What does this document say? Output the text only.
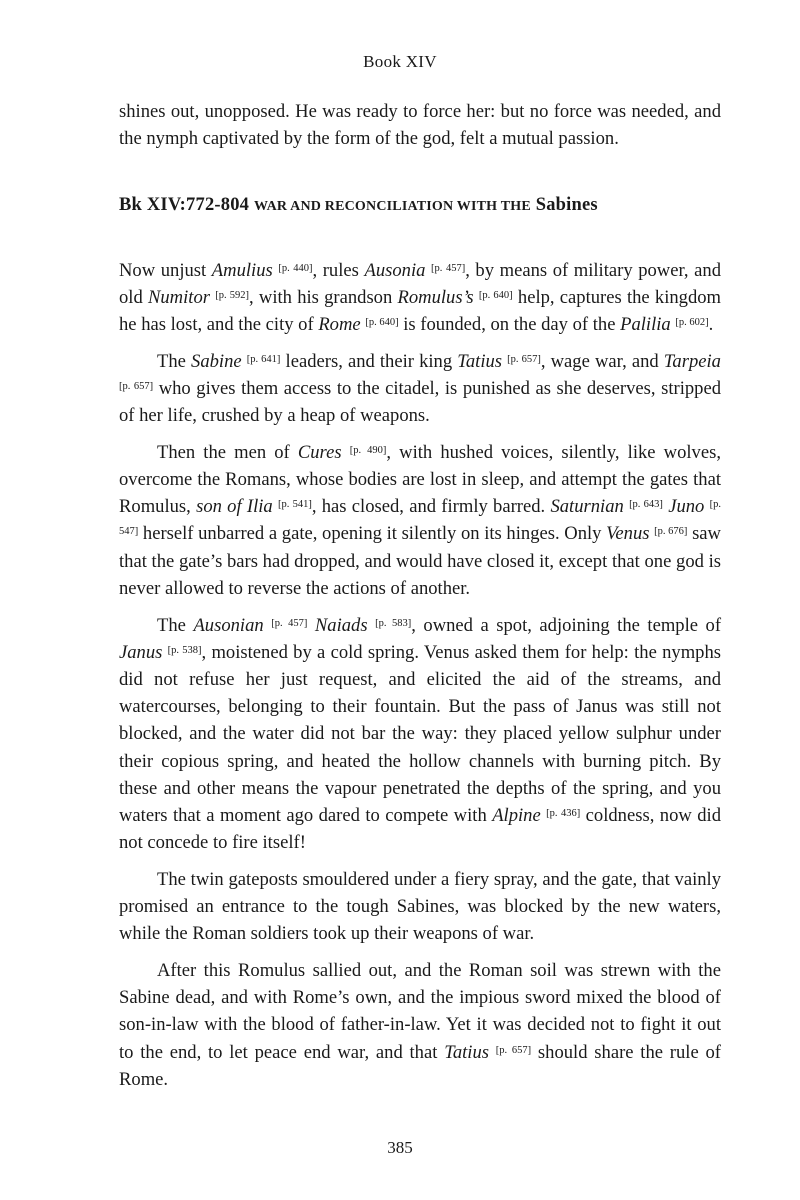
Book XIV

shines out, unopposed. He was ready to force her: but no force was needed, and the nymph captivated by the form of the god, felt a mutual passion.

Bk XIV:772-804 WAR AND RECONCILIATION WITH THE Sabines

Now unjust Amulius [p. 440], rules Ausonia [p. 457], by means of military power, and old Numitor [p. 592], with his grandson Romulus’s [p. 640] help, captures the kingdom he has lost, and the city of Rome [p. 640] is founded, on the day of the Palilia [p. 602].

The Sabine [p. 641] leaders, and their king Tatius [p. 657], wage war, and Tarpeia [p. 657] who gives them access to the citadel, is punished as she deserves, stripped of her life, crushed by a heap of weapons.

Then the men of Cures [p. 490], with hushed voices, silently, like wolves, overcome the Romans, whose bodies are lost in sleep, and attempt the gates that Romulus, son of Ilia [p. 541], has closed, and firmly barred. Saturnian [p. 643] Juno [p. 547] herself unbarred a gate, opening it silently on its hinges. Only Venus [p. 676] saw that the gate’s bars had dropped, and would have closed it, except that one god is never allowed to reverse the actions of another.

The Ausonian [p. 457] Naiads [p. 583], owned a spot, adjoining the temple of Janus [p. 538], moistened by a cold spring. Venus asked them for help: the nymphs did not refuse her just request, and elicited the aid of the streams, and watercourses, belonging to their fountain. But the pass of Janus was still not blocked, and the water did not bar the way: they placed yellow sulphur under their copious spring, and heated the hollow channels with burning pitch. By these and other means the vapour penetrated the depths of the spring, and you waters that a moment ago dared to compete with Alpine [p. 436] coldness, now did not concede to fire itself!

The twin gateposts smouldered under a fiery spray, and the gate, that vainly promised an entrance to the tough Sabines, was blocked by the new waters, while the Roman soldiers took up their weapons of war.

After this Romulus sallied out, and the Roman soil was strewn with the Sabine dead, and with Rome’s own, and the impious sword mixed the blood of son-in-law with the blood of father-in-law. Yet it was decided not to fight it out to the end, to let peace end war, and that Tatius [p. 657] should share the rule of Rome.

385
